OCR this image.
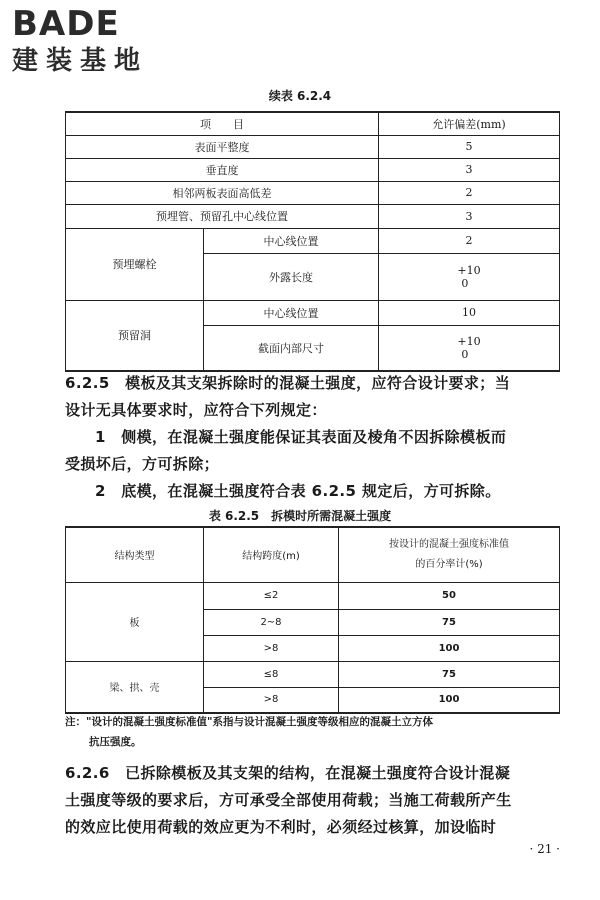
BADE
建装基地
续表 6.2.4
项　　目		允许偏差(mm)
表面平整度		5
垂直度		3
相邻两板表面高低差		2
预埋管、预留孔中心线位置		3
预埋螺栓	中心线位置	2
	外露长度	+10
0
预留洞	中心线位置	10
	截面内部尺寸	+10
0
6.2.5　模板及其支架拆除时的混凝土强度，应符合设计要求；当
设计无具体要求时，应符合下列规定：
1　侧模，在混凝土强度能保证其表面及棱角不因拆除模板而
受损坏后，方可拆除；
2　底模，在混凝土强度符合表 6.2.5 规定后，方可拆除。
表 6.2.5　拆模时所需混凝土强度
结构类型	结构跨度(m)	按设计的混凝土强度标准值
的百分率计(%)

板	≤2	50
	2~8	75
	>8	100
梁、拱、壳	≤8	75
	>8	100
注："设计的混凝土强度标准值"系指与设计混凝土强度等级相应的混凝土立方体
抗压强度。
6.2.6　已拆除模板及其支架的结构，在混凝土强度符合设计混凝
土强度等级的要求后，方可承受全部使用荷载；当施工荷载所产生
的效应比使用荷载的效应更为不利时，必须经过核算，加设临时
· 21 ·
